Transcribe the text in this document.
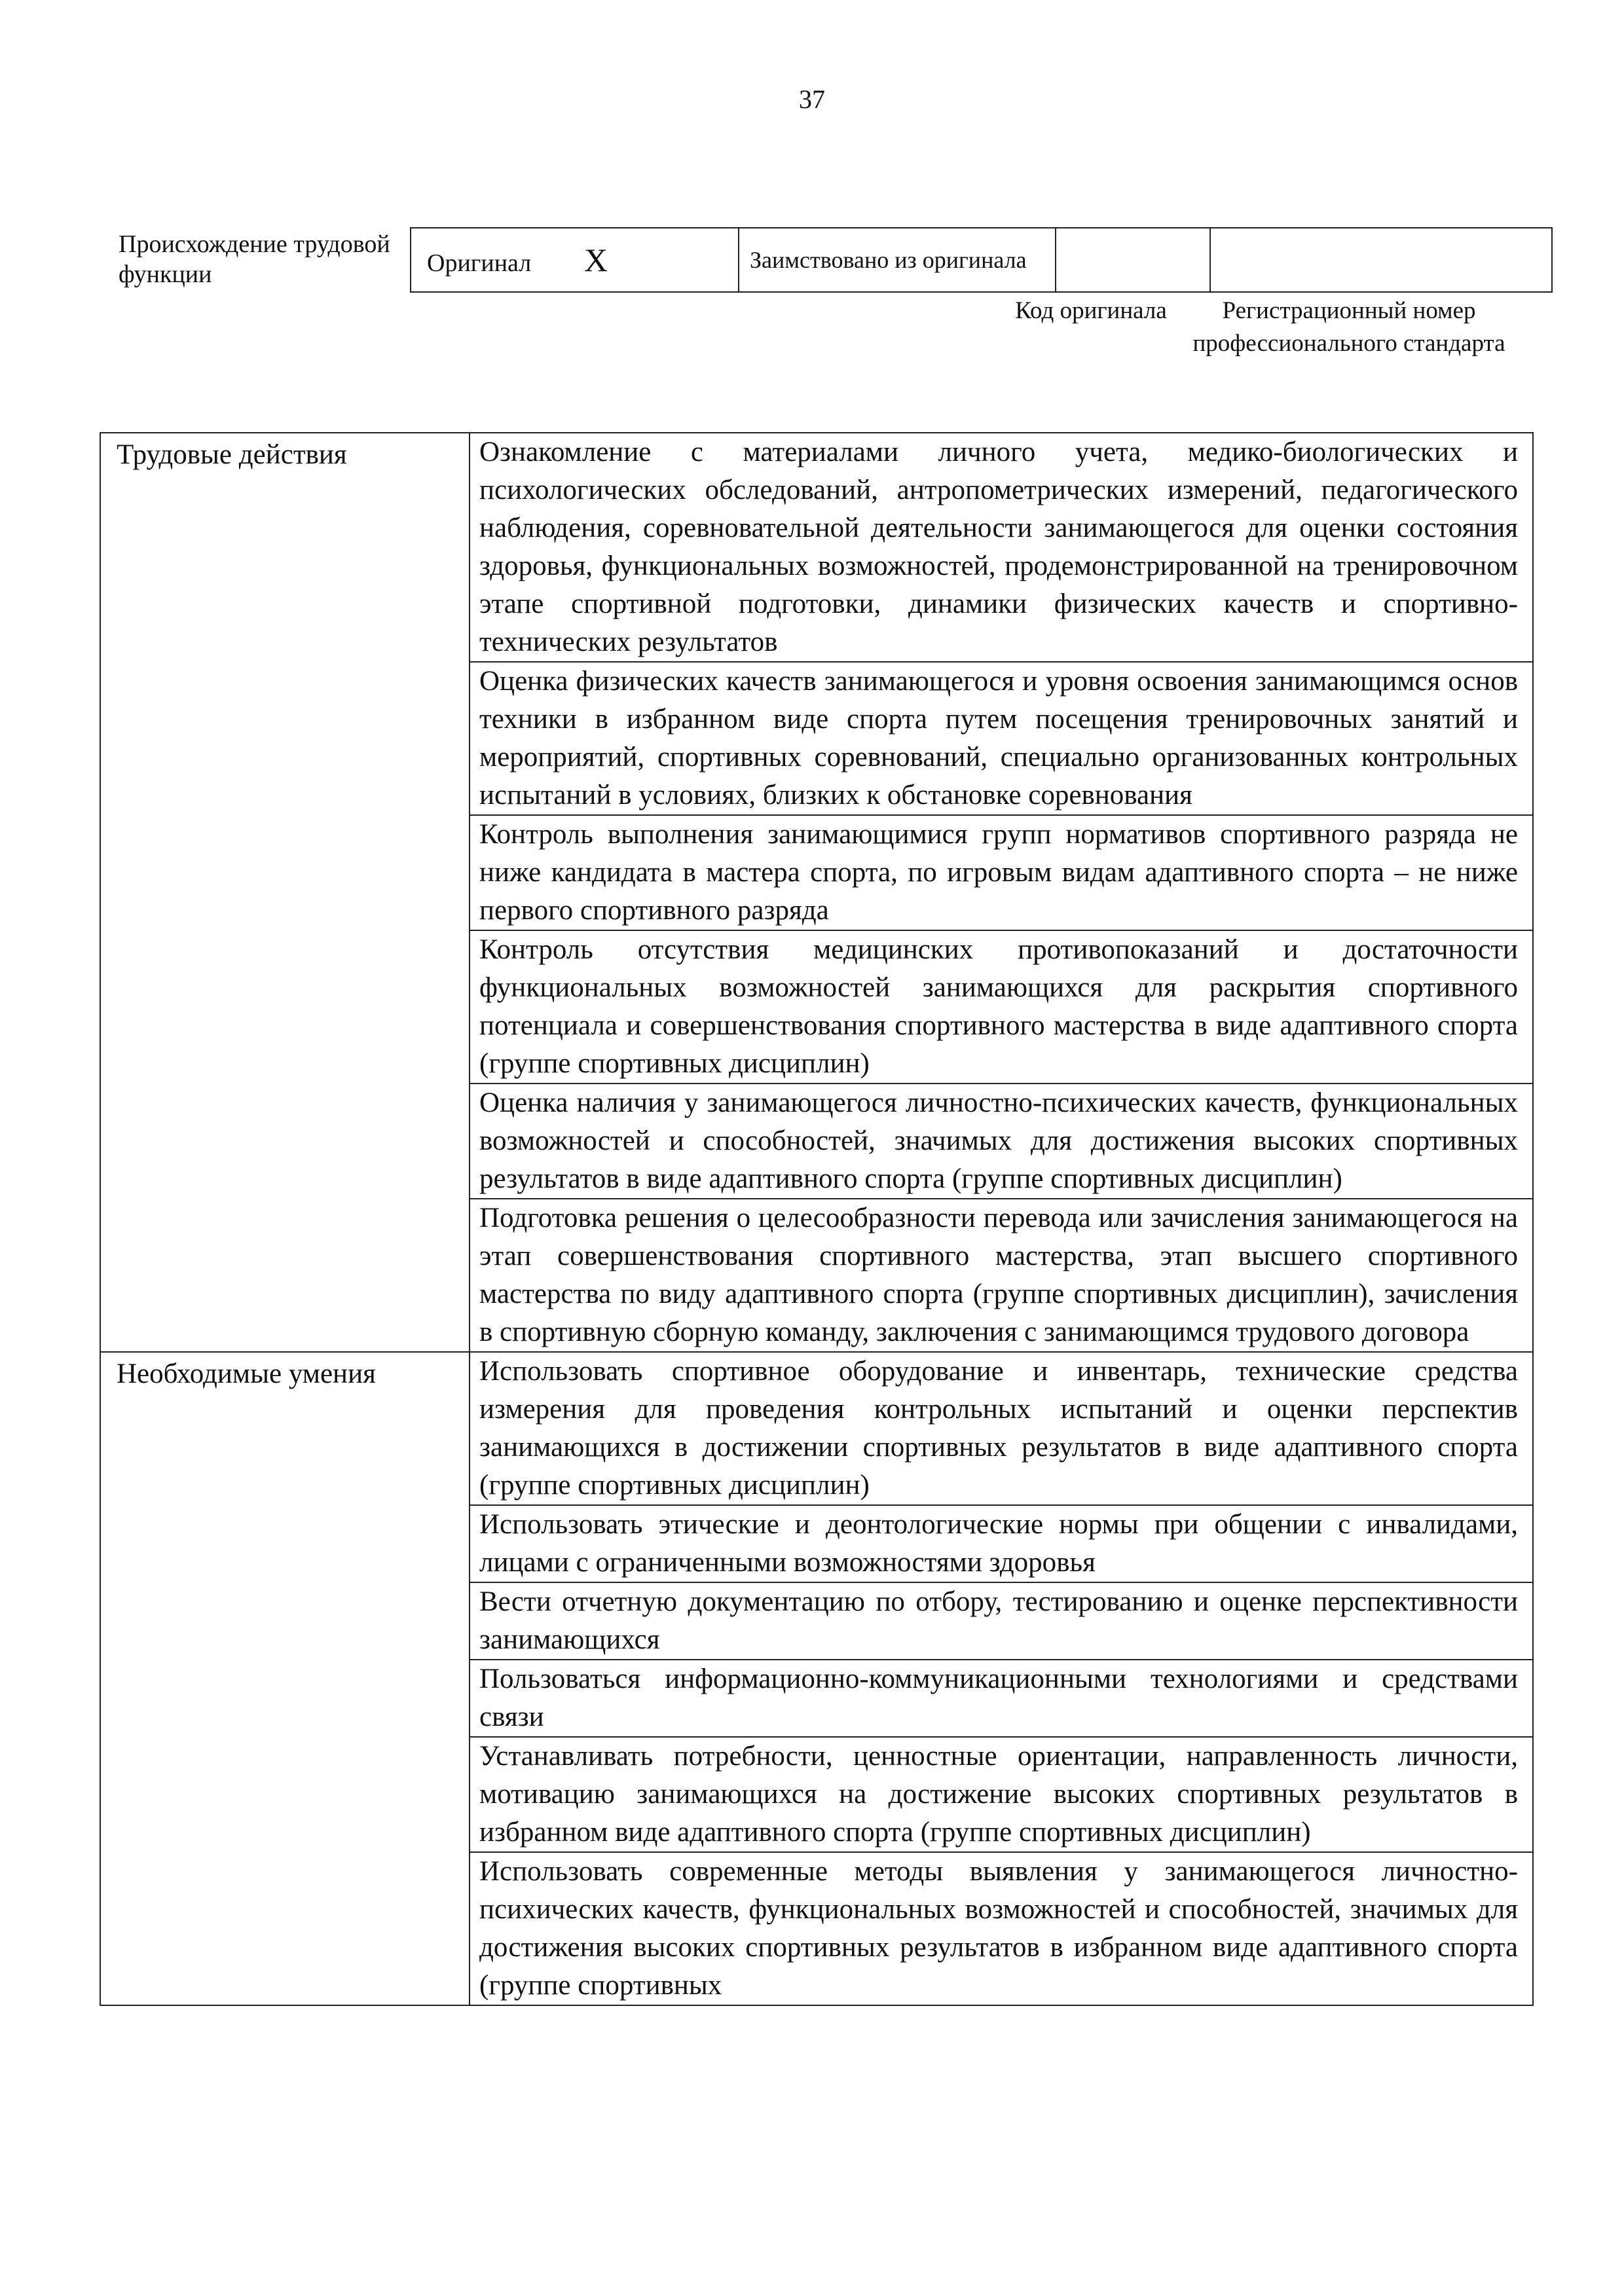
37
Происхождение трудовой функции	Оригинал X	Заимствовано из оригинала		
Код оригинала	Регистрационный номер профессионального стандарта
Трудовые действия	Ознакомление с материалами личного учета, медико-биологических и психологических обследований, антропометрических измерений, педагогического наблюдения, соревновательной деятельности занимающегося для оценки состояния здоровья, функциональных возможностей, продемонстрированной на тренировочном этапе спортивной подготовки, динамики физических качеств и спортивно-технических результатов
	Оценка физических качеств занимающегося и уровня освоения занимающимся основ техники в избранном виде спорта путем посещения тренировочных занятий и мероприятий, спортивных соревнований, специально организованных контрольных испытаний в условиях, близких к обстановке соревнования
	Контроль выполнения занимающимися групп нормативов спортивного разряда не ниже кандидата в мастера спорта, по игровым видам адаптивного спорта – не ниже первого спортивного разряда
	Контроль отсутствия медицинских противопоказаний и достаточности функциональных возможностей занимающихся для раскрытия спортивного потенциала и совершенствования спортивного мастерства в виде адаптивного спорта (группе спортивных дисциплин)
	Оценка наличия у занимающегося личностно-психических качеств, функциональных возможностей и способностей, значимых для достижения высоких спортивных результатов в виде адаптивного спорта (группе спортивных дисциплин)
	Подготовка решения о целесообразности перевода или зачисления занимающегося на этап совершенствования спортивного мастерства, этап высшего спортивного мастерства по виду адаптивного спорта (группе спортивных дисциплин), зачисления в спортивную сборную команду, заключения с занимающимся трудового договора

Необходимые умения	Использовать спортивное оборудование и инвентарь, технические средства измерения для проведения контрольных испытаний и оценки перспектив занимающихся в достижении спортивных результатов в виде адаптивного спорта (группе спортивных дисциплин)
	Использовать этические и деонтологические нормы при общении с инвалидами, лицами с ограниченными возможностями здоровья
	Вести отчетную документацию по отбору, тестированию и оценке перспективности занимающихся
	Пользоваться информационно-коммуникационными технологиями и средствами связи
	Устанавливать потребности, ценностные ориентации, направленность личности, мотивацию занимающихся на достижение высоких спортивных результатов в избранном виде адаптивного спорта (группе спортивных дисциплин)
	Использовать современные методы выявления у занимающегося личностно-психических качеств, функциональных возможностей и способностей, значимых для достижения высоких спортивных результатов в избранном виде адаптивного спорта (группе спортивных
